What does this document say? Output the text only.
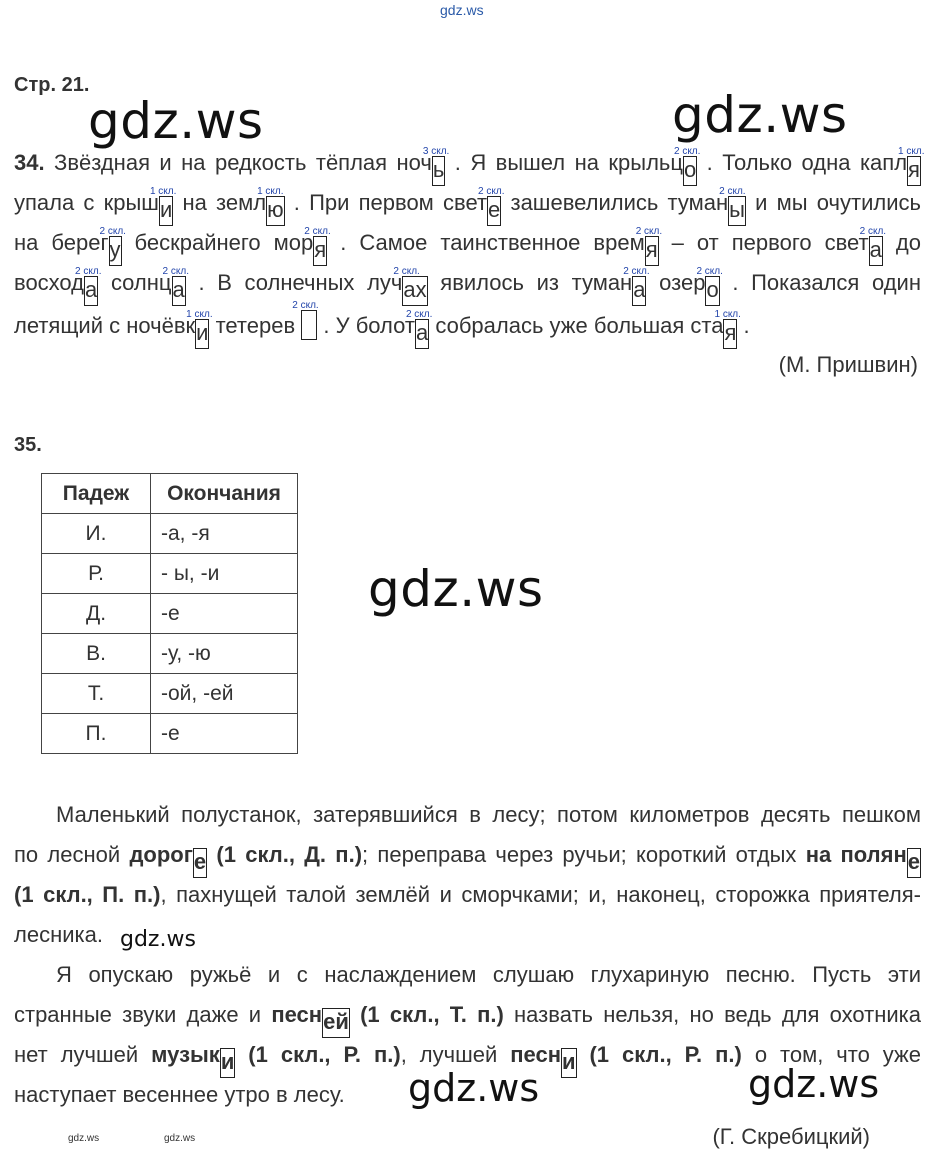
gdz.ws
gdz.ws	gdz.ws
gdz.ws
gdz.ws
gdz.ws	gdz.ws
gdz.ws	gdz.ws
Стр. 21.
34. Звёздная и на редкость тёплая ноч
3 скл.
ь . Я вышел на крыльц
2 скл.
о . Только одна капл
1 скл.
я
упала с крыш
1 скл.
и на земл
1 скл.
ю . При первом свет
2 скл.
е зашевелились туман
2 скл.
ы и мы очутились
на берег
2 скл.
у бескрайнего мор
2 скл.
я . Самое таинственное врем
2 скл.
я – от первого свет
2 скл.
а до
восход
2 скл.
а солнц
2 скл.
а . В солнечных луч
2 скл.
ах явилось из туман
2 скл.
а озер
2 скл.
о . Показался один
летящий с ночёвк
1 скл.
и тетерев
2 скл.
. У болот
2 скл.
а собралась уже большая ста
1 скл.
я .
(М. Пришвин)
35.
Падеж	Окончания
И.	-а, -я
Р.	- ы, -и
Д.	-е
В.	-у, -ю
Т.	-ой, -ей
П.	-е
Маленький полустанок, затерявшийся в лесу; потом километров десять пешком
по лесной дороге (1 скл., Д. п.); переправа через ручьи; короткий отдых на поляне
(1 скл., П. п.), пахнущей талой землёй и сморчками; и, наконец, сторожка приятеля-
лесника.
Я опускаю ружьё и с наслаждением слушаю глухариную песню. Пусть эти
странные звуки даже и песней (1 скл., Т. п.) назвать нельзя, но ведь для охотника
нет лучшей музыки (1 скл., Р. п.), лучшей песни (1 скл., Р. п.) о том, что уже
наступает весеннее утро в лесу.
(Г. Скребицкий)
